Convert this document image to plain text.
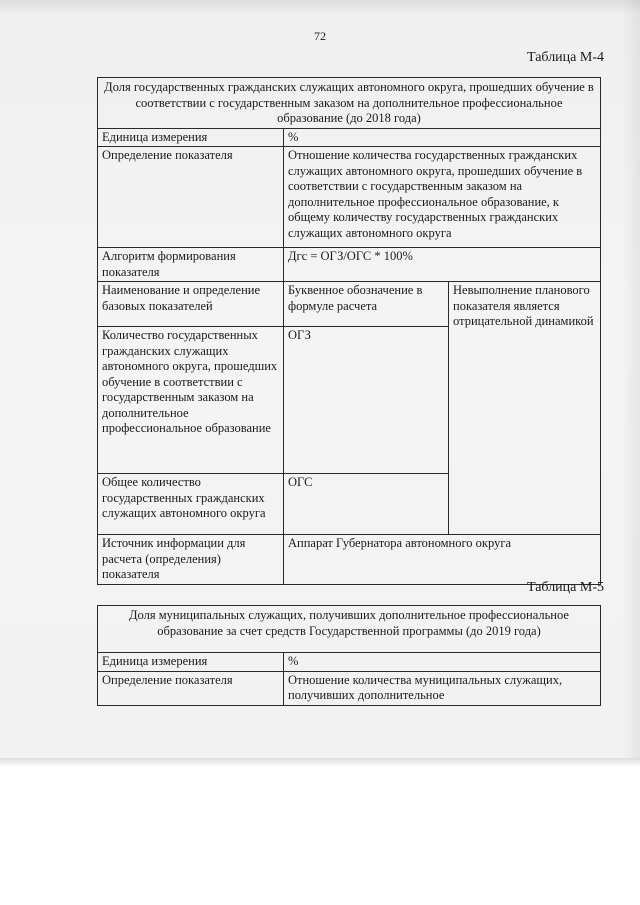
72
Таблица М-4
Доля государственных гражданских служащих автономного округа, прошедших обучение в соответствии с государственным заказом на дополнительное профессиональное образование (до 2018 года)		
Единица измерения	%	
Определение показателя	Отношение количества государственных гражданских служащих автономного округа, прошедших обучение в соответствии с государственным заказом на дополнительное профессиональное образование, к общему количеству государственных гражданских служащих автономного округа	
Алгоритм формирования показателя	Дгс = ОГЗ/ОГС * 100%	
Наименование и определение базовых показателей	Буквенное обозначение в формуле расчета	Невыполнение планового показателя является отрицательной динамикой
Количество государственных гражданских служащих автономного округа, прошедших обучение в соответствии с государственным заказом на дополнительное профессиональное образование	ОГЗ	
Общее количество государственных гражданских служащих автономного округа	ОГС	
Источник информации для расчета (определения) показателя	Аппарат Губернатора автономного округа	
Таблица М-5
Доля муниципальных служащих, получивших дополнительное профессиональное образование за счет средств Государственной программы (до 2019 года)	
Единица измерения	%
Определение показателя	Отношение количества муниципальных служащих, получивших дополнительное
